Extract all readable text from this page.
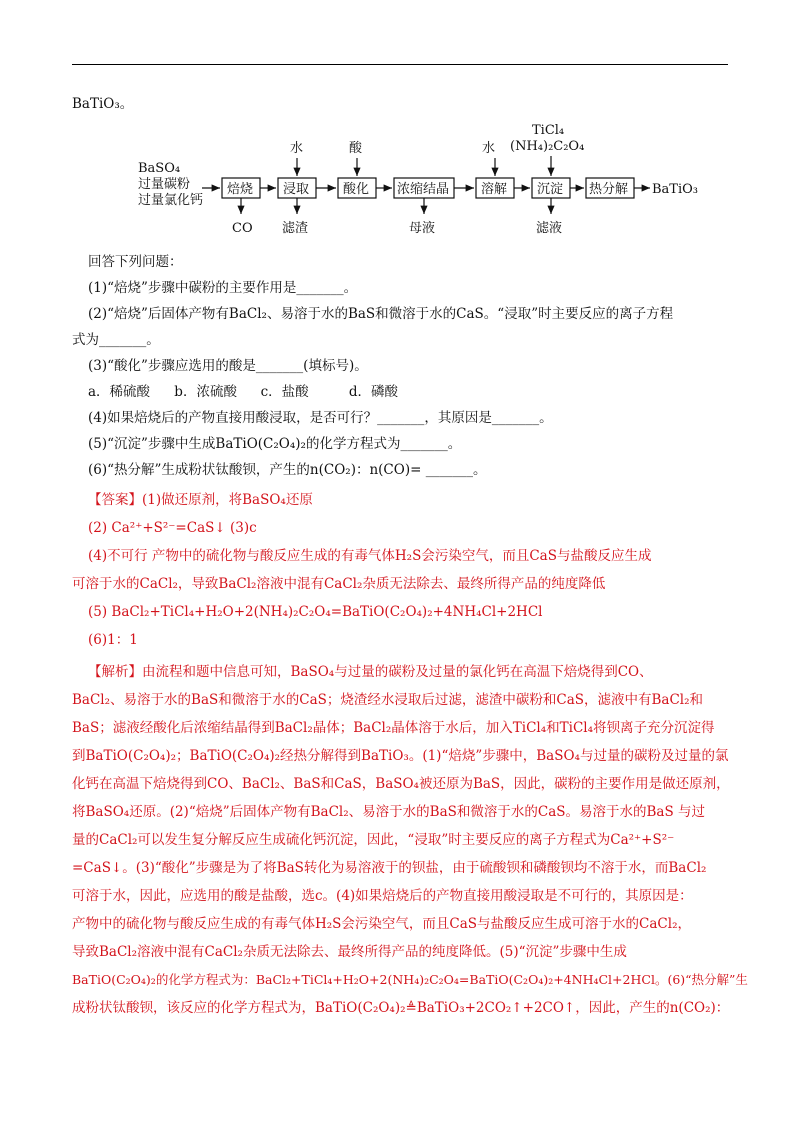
BaTiO₃。
BaSO₄
过量碳粉
过量氯化钙
焙烧 浸取	酸化 浓缩结晶 溶解 沉淀 热分解 BaTiO₃
水	酸	水
TiCl₄
(NH₄)₂C₂O₄
CO 滤渣	母液	滤液
回答下列问题：
(1)“焙烧”步骤中碳粉的主要作用是_______。
(2)“焙烧”后固体产物有BaCl₂、易溶于水的BaS和微溶于水的CaS。“浸取”时主要反应的离子方程
式为_______。
(3)“酸化”步骤应选用的酸是_______(填标号)。
a．稀硫酸 b．浓硫酸 c．盐酸	d．磷酸
(4)如果焙烧后的产物直接用酸浸取，是否可行？_______，其原因是_______。
(5)“沉淀”步骤中生成BaTiO(C₂O₄)₂的化学方程式为_______。
(6)“热分解”生成粉状钛酸钡，产生的n(CO₂)：n(CO)= _______。
【答案】(1)做还原剂，将BaSO₄还原
(2) Ca²⁺+S²⁻=CaS↓ (3)c
(4)不可行 产物中的硫化物与酸反应生成的有毒气体H₂S会污染空气，而且CaS与盐酸反应生成
可溶于水的CaCl₂，导致BaCl₂溶液中混有CaCl₂杂质无法除去、最终所得产品的纯度降低
(5) BaCl₂+TiCl₄+H₂O+2(NH₄)₂C₂O₄=BaTiO(C₂O₄)₂+4NH₄Cl+2HCl
(6)1：1
【解析】由流程和题中信息可知，BaSO₄与过量的碳粉及过量的氯化钙在高温下焙烧得到CO、
BaCl₂、易溶于水的BaS和微溶于水的CaS；烧渣经水浸取后过滤，滤渣中碳粉和CaS，滤液中有BaCl₂和
BaS；滤液经酸化后浓缩结晶得到BaCl₂晶体；BaCl₂晶体溶于水后，加入TiCl₄和TiCl₄将钡离子充分沉淀得
到BaTiO(C₂O₄)₂；BaTiO(C₂O₄)₂经热分解得到BaTiO₃。(1)“焙烧”步骤中，BaSO₄与过量的碳粉及过量的氯
化钙在高温下焙烧得到CO、BaCl₂、BaS和CaS，BaSO₄被还原为BaS，因此，碳粉的主要作用是做还原剂，
将BaSO₄还原。(2)“焙烧”后固体产物有BaCl₂、易溶于水的BaS和微溶于水的CaS。易溶于水的BaS 与过
量的CaCl₂可以发生复分解反应生成硫化钙沉淀，因此，“浸取”时主要反应的离子方程式为Ca²⁺+S²⁻
=CaS↓。(3)“酸化”步骤是为了将BaS转化为易溶液于的钡盐，由于硫酸钡和磷酸钡均不溶于水，而BaCl₂
可溶于水，因此，应选用的酸是盐酸，选c。(4)如果焙烧后的产物直接用酸浸取是不可行的，其原因是：
产物中的硫化物与酸反应生成的有毒气体H₂S会污染空气，而且CaS与盐酸反应生成可溶于水的CaCl₂，
导致BaCl₂溶液中混有CaCl₂杂质无法除去、最终所得产品的纯度降低。(5)“沉淀”步骤中生成
BaTiO(C₂O₄)₂的化学方程式为：BaCl₂+TiCl₄+H₂O+2(NH₄)₂C₂O₄=BaTiO(C₂O₄)₂+4NH₄Cl+2HCl。(6)“热分解”生
成粉状钛酸钡，该反应的化学方程式为，BaTiO(C₂O₄)₂≜BaTiO₃+2CO₂↑+2CO↑，因此，产生的n(CO₂)：
